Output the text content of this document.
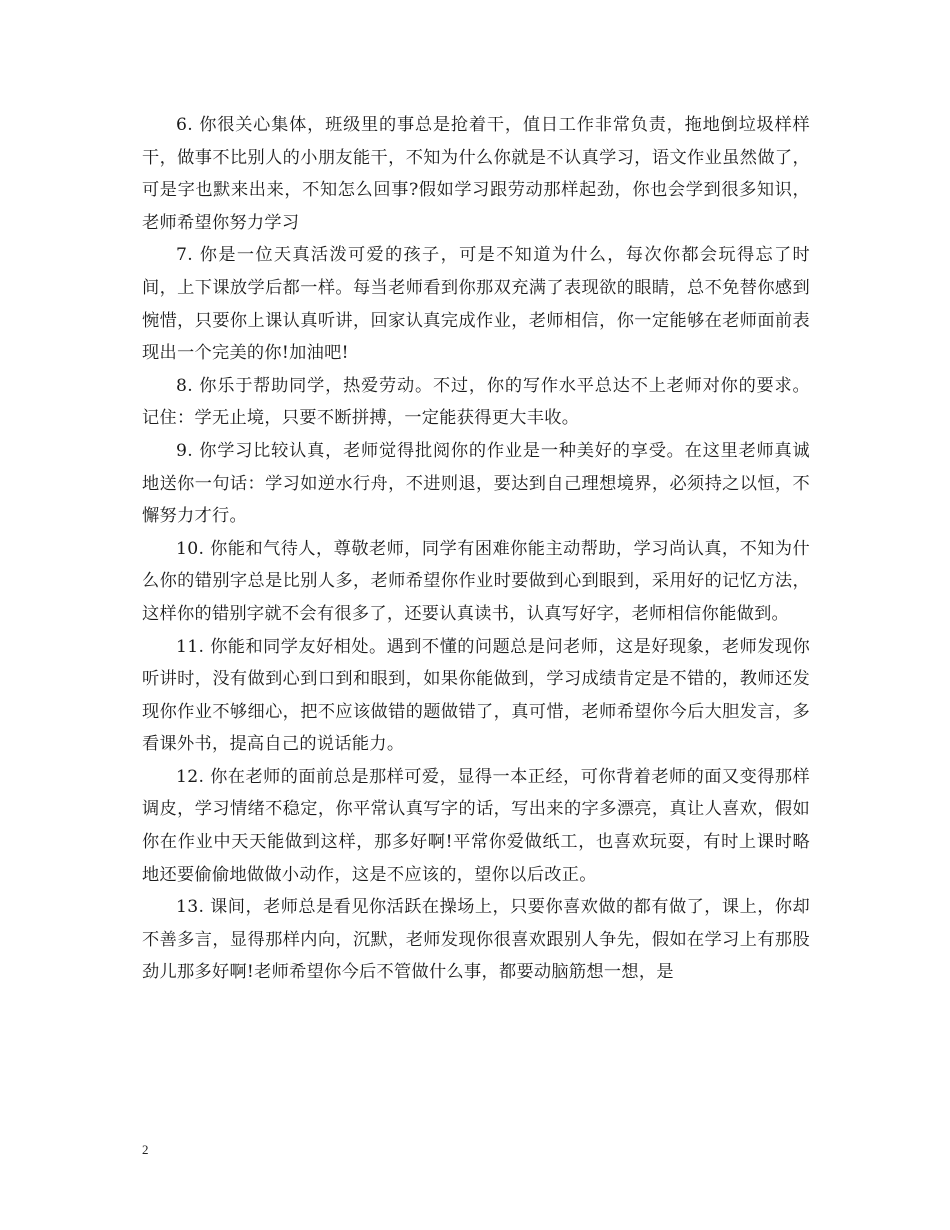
6. 你很关心集体，班级里的事总是抢着干，值日工作非常负责，拖地倒垃圾样样干，做事不比别人的小朋友能干，不知为什么你就是不认真学习，语文作业虽然做了，可是字也默来出来，不知怎么回事?假如学习跟劳动那样起劲，你也会学到很多知识，老师希望你努力学习

7. 你是一位天真活泼可爱的孩子，可是不知道为什么，每次你都会玩得忘了时间，上下课放学后都一样。每当老师看到你那双充满了表现欲的眼睛，总不免替你感到惋惜，只要你上课认真听讲，回家认真完成作业，老师相信，你一定能够在老师面前表现出一个完美的你!加油吧!

8. 你乐于帮助同学，热爱劳动。不过，你的写作水平总达不上老师对你的要求。记住：学无止境，只要不断拼搏，一定能获得更大丰收。

9. 你学习比较认真，老师觉得批阅你的作业是一种美好的享受。在这里老师真诚地送你一句话：学习如逆水行舟，不进则退，要达到自己理想境界，必须持之以恒，不懈努力才行。

10. 你能和气待人，尊敬老师，同学有困难你能主动帮助，学习尚认真，不知为什么你的错别字总是比别人多，老师希望你作业时要做到心到眼到，采用好的记忆方法，这样你的错别字就不会有很多了，还要认真读书，认真写好字，老师相信你能做到。

11. 你能和同学友好相处。遇到不懂的问题总是问老师，这是好现象，老师发现你听讲时，没有做到心到口到和眼到，如果你能做到，学习成绩肯定是不错的，教师还发现你作业不够细心，把不应该做错的题做错了，真可惜，老师希望你今后大胆发言，多看课外书，提高自己的说话能力。

12. 你在老师的面前总是那样可爱，显得一本正经，可你背着老师的面又变得那样调皮，学习情绪不稳定，你平常认真写字的话，写出来的字多漂亮，真让人喜欢，假如你在作业中天天能做到这样，那多好啊!平常你爱做纸工，也喜欢玩耍，有时上课时略地还要偷偷地做做小动作，这是不应该的，望你以后改正。

13. 课间，老师总是看见你活跃在操场上，只要你喜欢做的都有做了，课上，你却不善多言，显得那样内向，沉默，老师发现你很喜欢跟别人争先，假如在学习上有那股劲儿那多好啊!老师希望你今后不管做什么事，都要动脑筋想一想，是

2
